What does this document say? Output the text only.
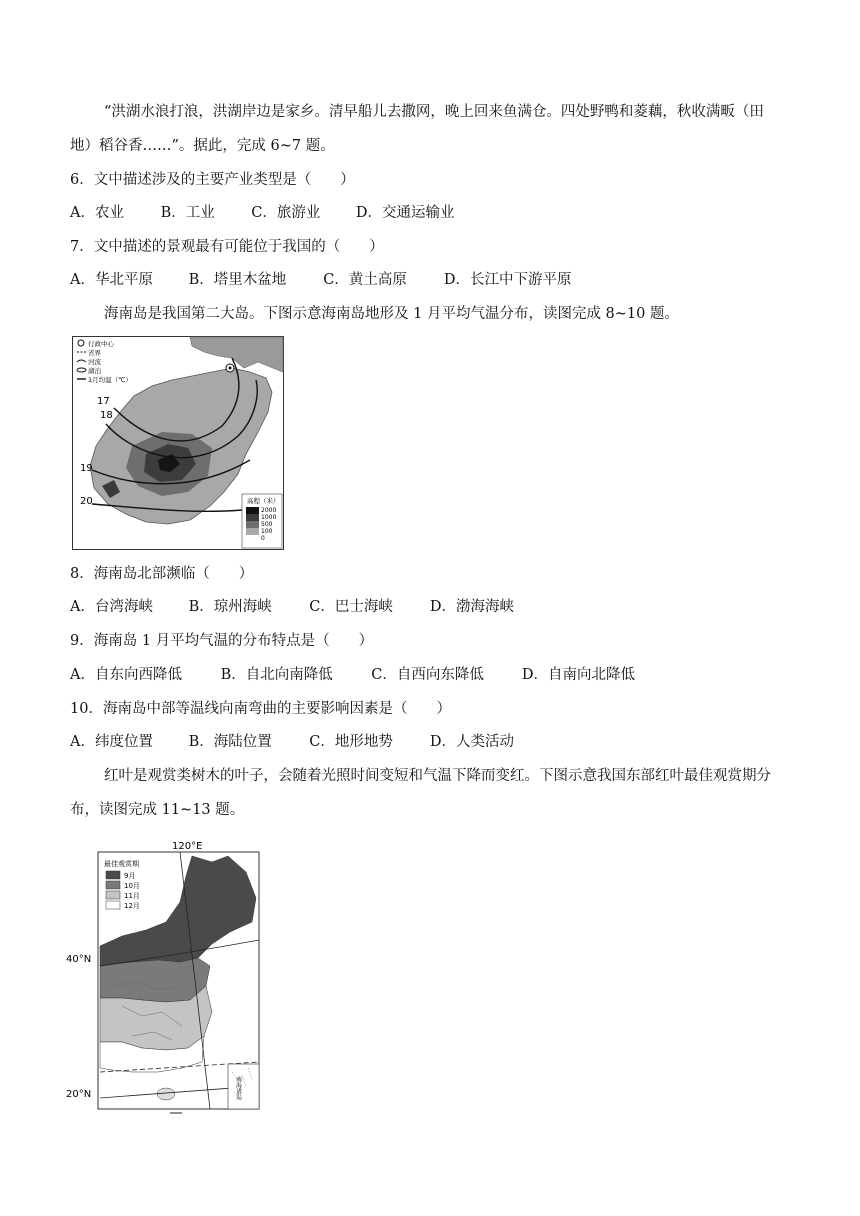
“洪湖水浪打浪，洪湖岸边是家乡。清早船儿去撒网，晚上回来鱼满仓。四处野鸭和菱藕，秋收满畈（田
地）稻谷香……”。据此，完成 6~7 题。
6．文中描述涉及的主要产业类型是（　　）
A．农业	B．工业	C．旅游业 D．交通运输业
7．文中描述的景观最有可能位于我国的（　　）
A．华北平原 B．塔里木盆地	C．黄土高原	D．长江中下游平原
海南岛是我国第二大岛。下图示意海南岛地形及 1 月平均气温分布，读图完成 8~10 题。
17
18
19
20
行政中心
省界
河流
湖泊
1月均温（℃）
高程（米）
2000
1000
500
100
0
8．海南岛北部濒临（　　）
A．台湾海峡 B．琼州海峡	C．巴士海峡	D．渤海海峡
9．海南岛 1 月平均气温的分布特点是（　　）
A．自东向西降低	B．自北向南降低	C．自西向东降低	D．自南向北降低
10．海南岛中部等温线向南弯曲的主要影响因素是（　　）
A．纬度位置 B．海陆位置	C．地形地势	D．人类活动
红叶是观赏类树木的叶子，会随着光照时间变短和气温下降而变红。下图示意我国东部红叶最佳观赏期分
布，读图完成 11~13 题。
120°E
40°N
20°N
最佳观赏期
9月
10月
11月
12月
南海诸岛
